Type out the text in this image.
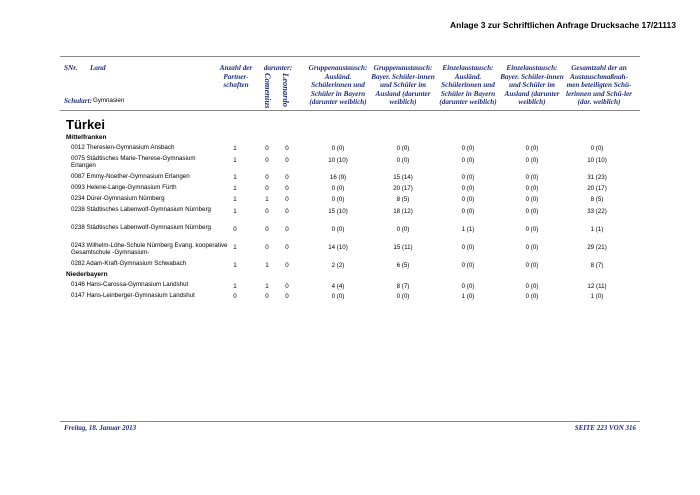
Anlage 3 zur Schriftlichen Anfrage Drucksache 17/21113
SNr. Land	Anzahl der Partner-schaften
darunter:
Comenius Leonardo
Gruppenaustausch: Ausländ. Schülerinnen und Schüler in Bayern (darunter weiblich)
Gruppenaustausch: Bayer. Schüler-innen und Schüler im Ausland (darunter weiblich)
Einzelaustausch: Ausländ. Schülerinnen und Schüler in Bayern (darunter weiblich)
Einzelaustausch: Bayer. Schüler-innen und Schüler im Ausland (darunter weiblich)
Gesamtzahl der an Austauschmaßnah-men beteiligten Schü-lerinnen und Schü-ler (dar. weiblich)
Schulart: Gymnasien
Türkei
Mittelfranken
0012 Theresien-Gymnasium Ansbach	1	0	0	0 (0)	0 (0)	0 (0)	0 (0)	0 (0)
0075 Städtisches Marie-Therese-Gymnasium Erlangen
1	0	0	10 (10)	0 (0)	0 (0)	0 (0)	10 (10)
0087 Emmy-Noether-Gymnasium Erlangen	1	0	0	16 (9)	15 (14)	0 (0)	0 (0)	31 (23)
0093 Helene-Lange-Gymnasium Fürth	1	0	0	0 (0)	20 (17)	0 (0)	0 (0)	20 (17)
0234 Dürer-Gymnasium Nürnberg	1	1	0	0 (0)	8 (5)	0 (0)	0 (0)	8 (5)
0238 Städtisches Labenwolf-Gymnasium Nürnberg	1	0	0	15 (10)	18 (12)	0 (0)	0 (0)	33 (22)
0238 Städtisches Labenwolf-Gymnasium Nürnberg	0	0	0	0 (0)	0 (0)	1 (1)	0 (0)	1 (1)
0243 Wilhelm-Löhe-Schule Nürnberg Evang. kooperative Gesamtschule -Gymnasium-
1	0	0	14 (10)	15 (11)	0 (0)	0 (0)	29 (21)
0282 Adam-Kraft-Gymnasium Schwabach	1	1	0	2 (2)	6 (5)	0 (0)	0 (0)	8 (7)
Niederbayern
0146 Hans-Carossa-Gymnasium Landshut	1	1	0	4 (4)	8 (7)	0 (0)	0 (0)	12 (11)
0147 Hans-Leinberger-Gymnasium Landshut	0	0	0	0 (0)	0 (0)	1 (0)	0 (0)	1 (0)
Freitag, 18. Januar 2013	SEITE 223 VON 316
